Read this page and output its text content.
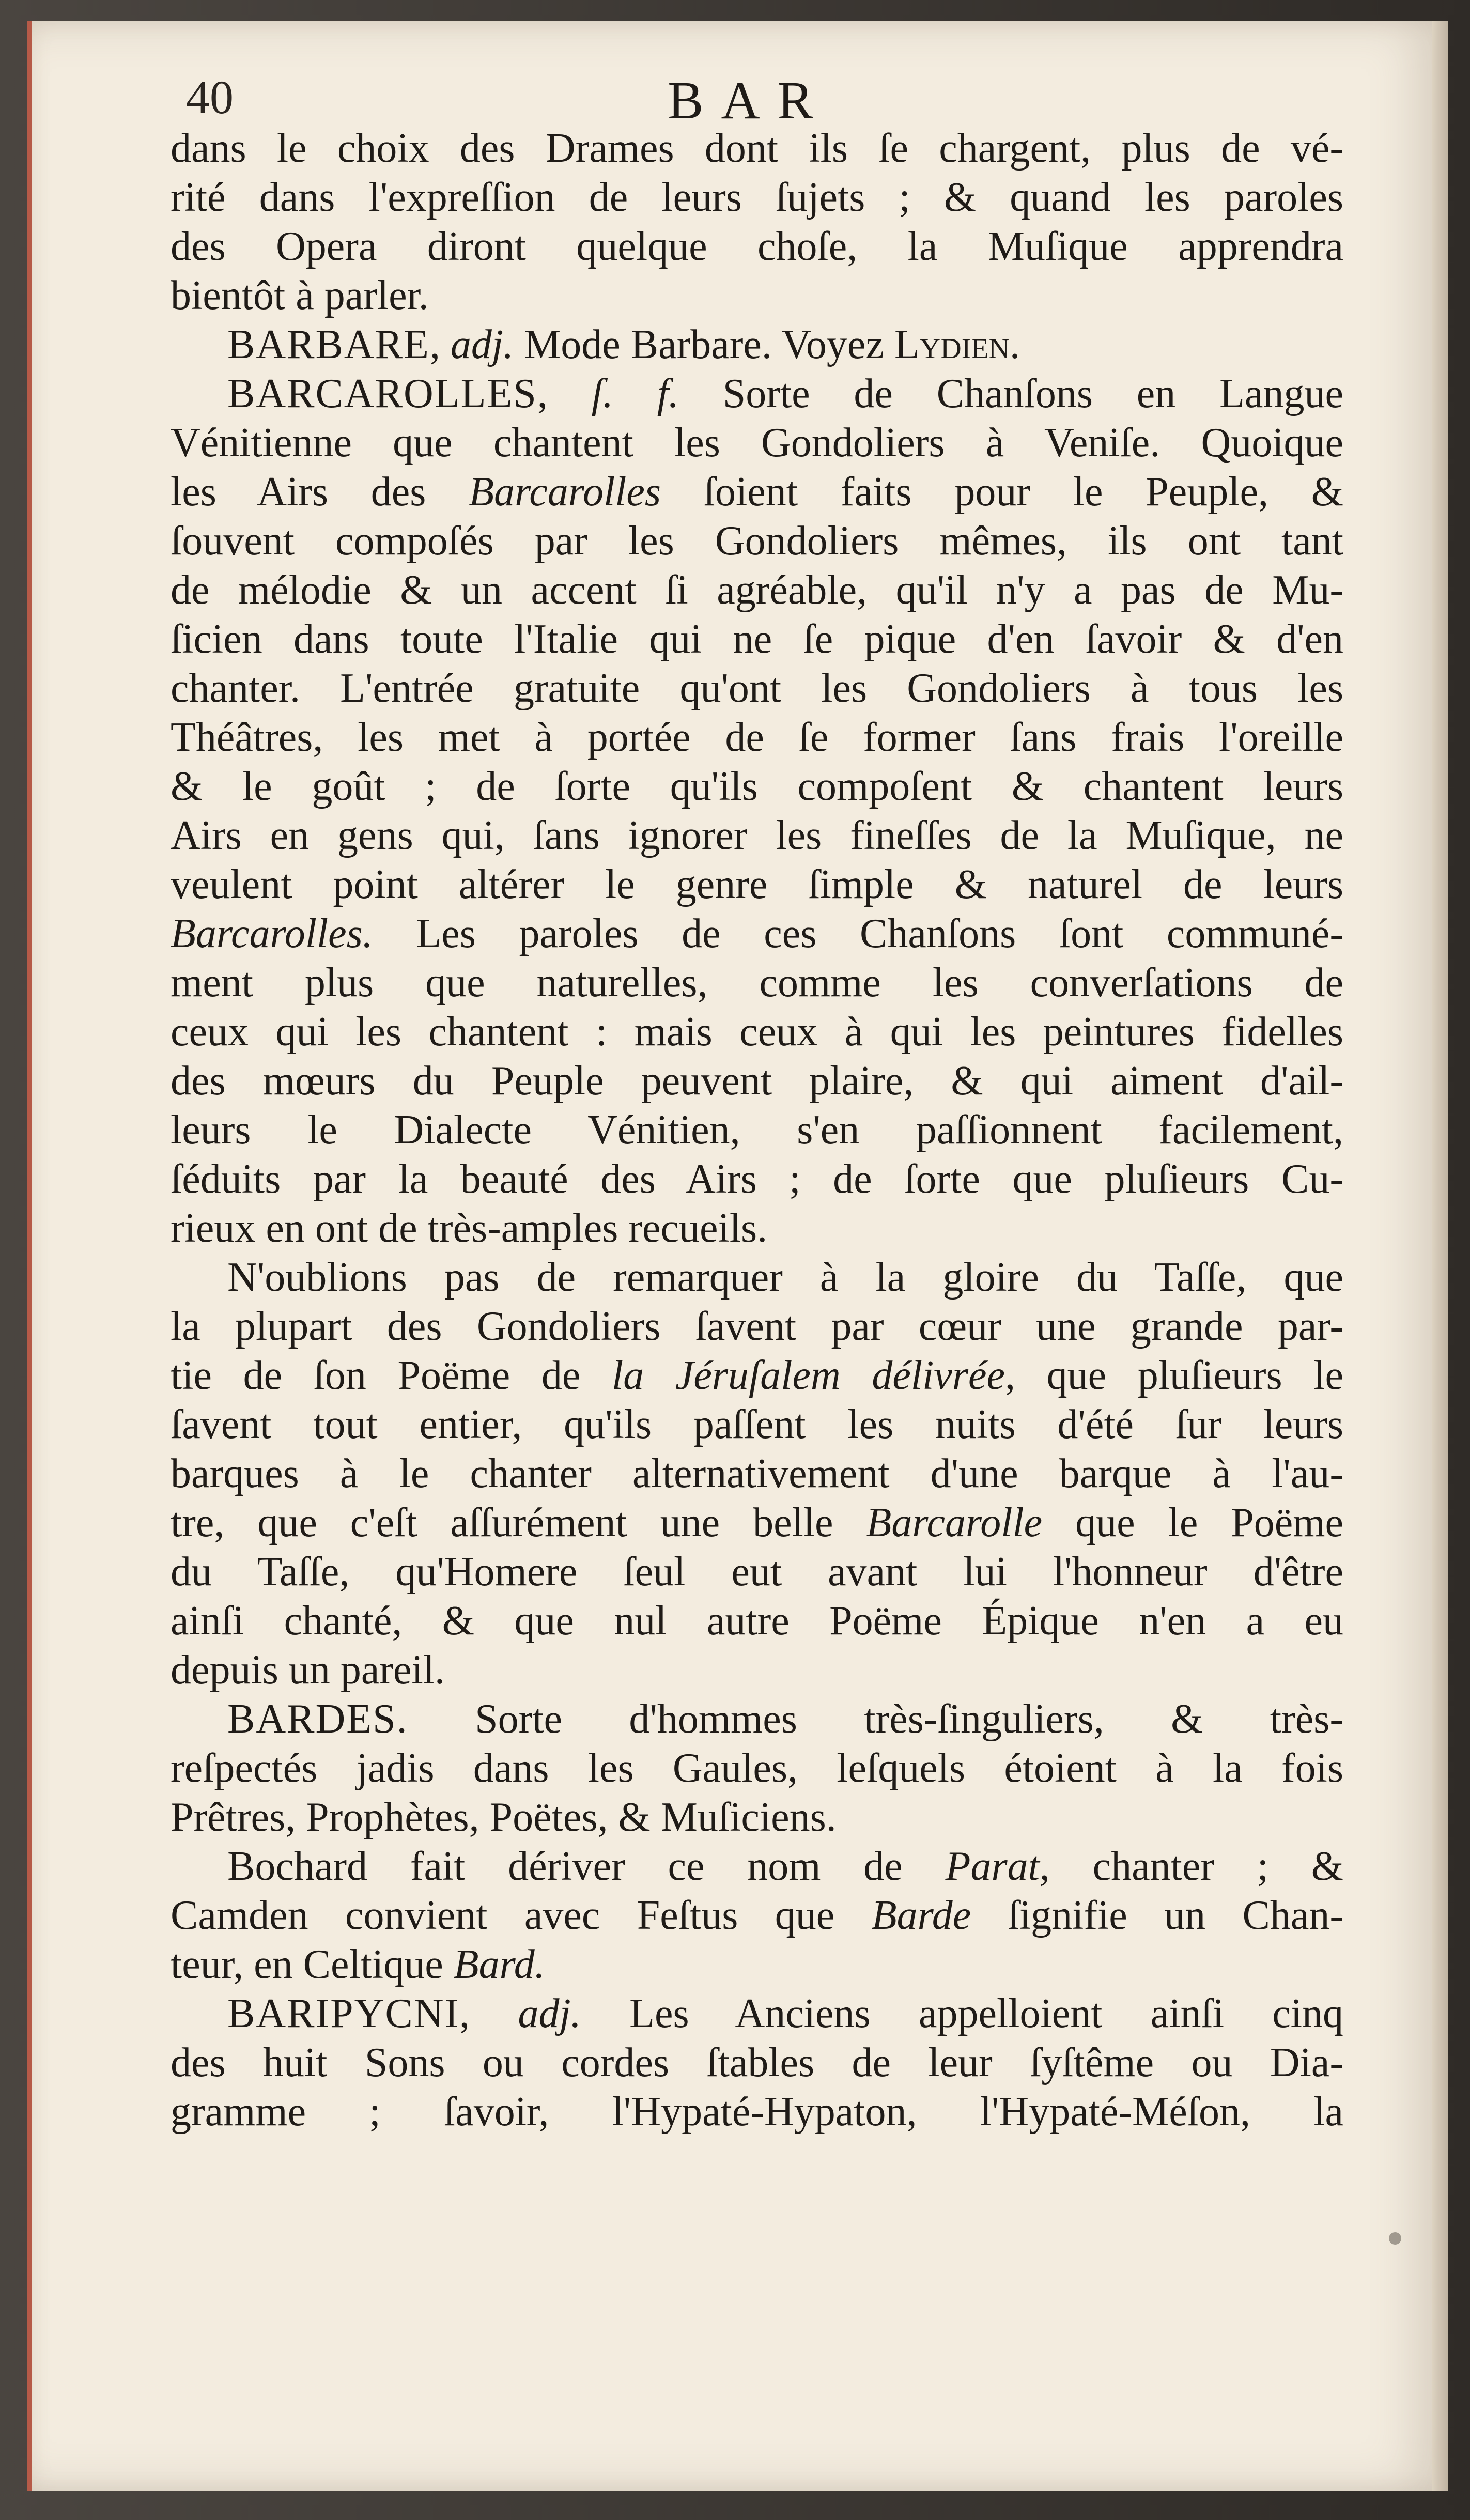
40	BAR

dans le choix des Drames dont ils ſe chargent, plus de vé-
rité dans l'expreſſion de leurs ſujets ; & quand les paroles
des Opera diront quelque choſe, la Muſique apprendra
bientôt à parler.

BARBARE, adj. Mode Barbare. Voyez Lydien.

BARCAROLLES, ſ. f. Sorte de Chanſons en Langue
Vénitienne que chantent les Gondoliers à Veniſe. Quoique
les Airs des Barcarolles ſoient faits pour le Peuple, &
ſouvent compoſés par les Gondoliers mêmes, ils ont tant
de mélodie & un accent ſi agréable, qu'il n'y a pas de Mu-
ſicien dans toute l'Italie qui ne ſe pique d'en ſavoir & d'en
chanter. L'entrée gratuite qu'ont les Gondoliers à tous les
Théâtres, les met à portée de ſe former ſans frais l'oreille
& le goût ; de ſorte qu'ils compoſent & chantent leurs
Airs en gens qui, ſans ignorer les fineſſes de la Muſique, ne
veulent point altérer le genre ſimple & naturel de leurs
Barcarolles. Les paroles de ces Chanſons ſont communé-
ment plus que naturelles, comme les converſations de
ceux qui les chantent : mais ceux à qui les peintures fidelles
des mœurs du Peuple peuvent plaire, & qui aiment d'ail-
leurs le Dialecte Vénitien, s'en paſſionnent facilement,
ſéduits par la beauté des Airs ; de ſorte que pluſieurs Cu-
rieux en ont de très-amples recueils.

N'oublions pas de remarquer à la gloire du Taſſe, que
la plupart des Gondoliers ſavent par cœur une grande par-
tie de ſon Poëme de la Jéruſalem délivrée, que pluſieurs le
ſavent tout entier, qu'ils paſſent les nuits d'été ſur leurs
barques à le chanter alternativement d'une barque à l'au-
tre, que c'eſt aſſurément une belle Barcarolle que le Poëme
du Taſſe, qu'Homere ſeul eut avant lui l'honneur d'être
ainſi chanté, & que nul autre Poëme Épique n'en a eu
depuis un pareil.

BARDES. Sorte d'hommes très-ſinguliers, & très-
reſpectés jadis dans les Gaules, leſquels étoient à la fois
Prêtres, Prophètes, Poëtes, & Muſiciens.

Bochard fait dériver ce nom de Parat, chanter ; &
Camden convient avec Feſtus que Barde ſignifie un Chan-
teur, en Celtique Bard.

BARIPYCNI, adj. Les Anciens appelloient ainſi cinq
des huit Sons ou cordes ſtables de leur ſyſtême ou Dia-
gramme ; ſavoir, l'Hypaté-Hypaton, l'Hypaté-Méſon, la
